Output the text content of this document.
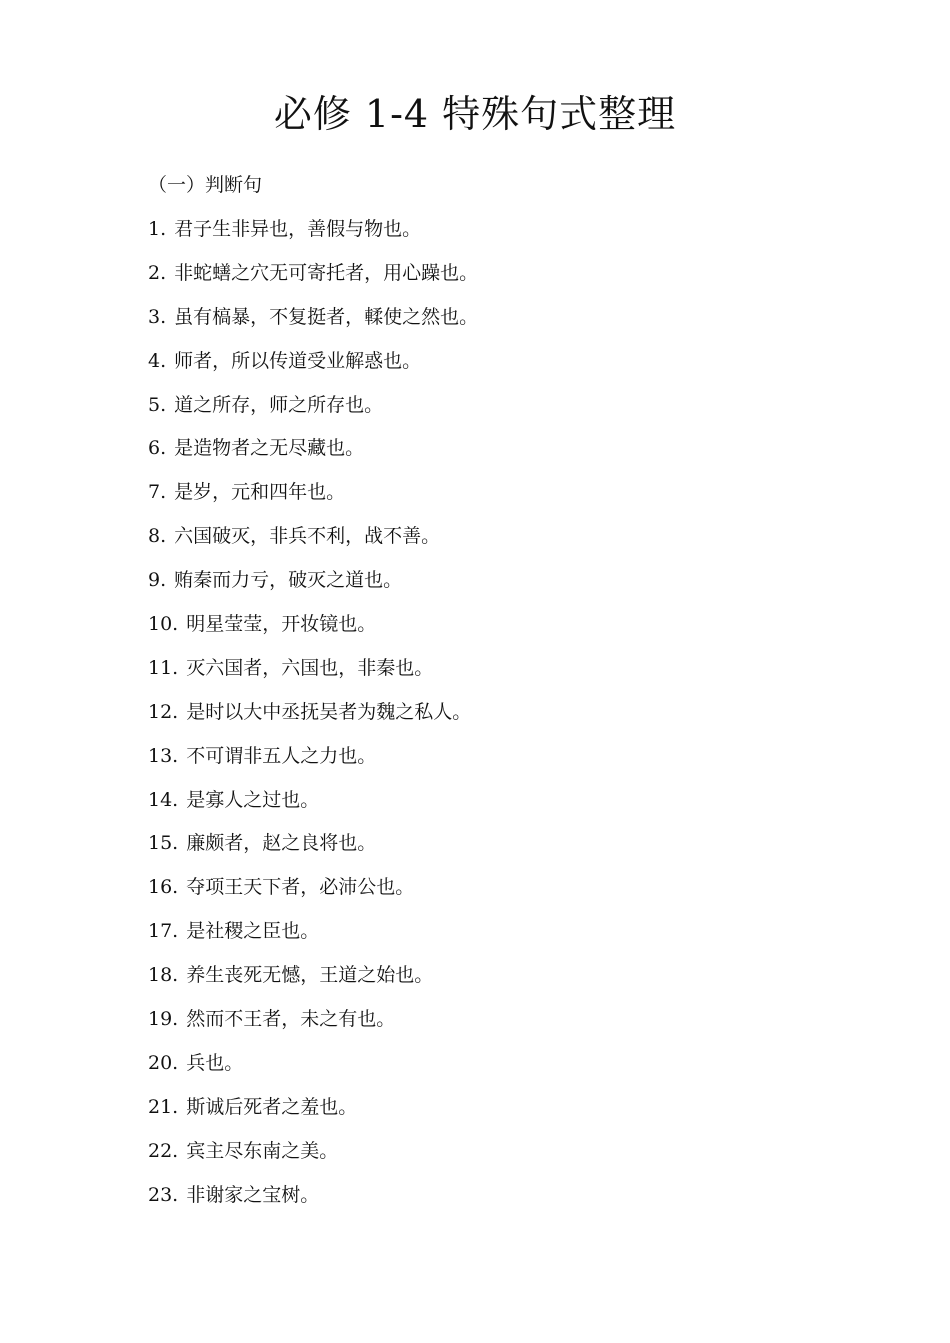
必修 1-4 特殊句式整理
（一）判断句
1. 君子生非异也，善假与物也。
2. 非蛇蟮之穴无可寄托者，用心躁也。
3. 虽有槁暴，不复挺者，輮使之然也。
4. 师者，所以传道受业解惑也。
5. 道之所存，师之所存也。
6. 是造物者之无尽藏也。
7. 是岁，元和四年也。
8. 六国破灭，非兵不利，战不善。
9. 贿秦而力亏，破灭之道也。
10. 明星莹莹，开妆镜也。
11. 灭六国者，六国也，非秦也。
12. 是时以大中丞抚吴者为魏之私人。
13. 不可谓非五人之力也。
14. 是寡人之过也。
15. 廉颇者，赵之良将也。
16. 夺项王天下者，必沛公也。
17. 是社稷之臣也。
18. 养生丧死无憾，王道之始也。
19. 然而不王者，未之有也。
20. 兵也。
21. 斯诚后死者之羞也。
22. 宾主尽东南之美。
23. 非谢家之宝树。
